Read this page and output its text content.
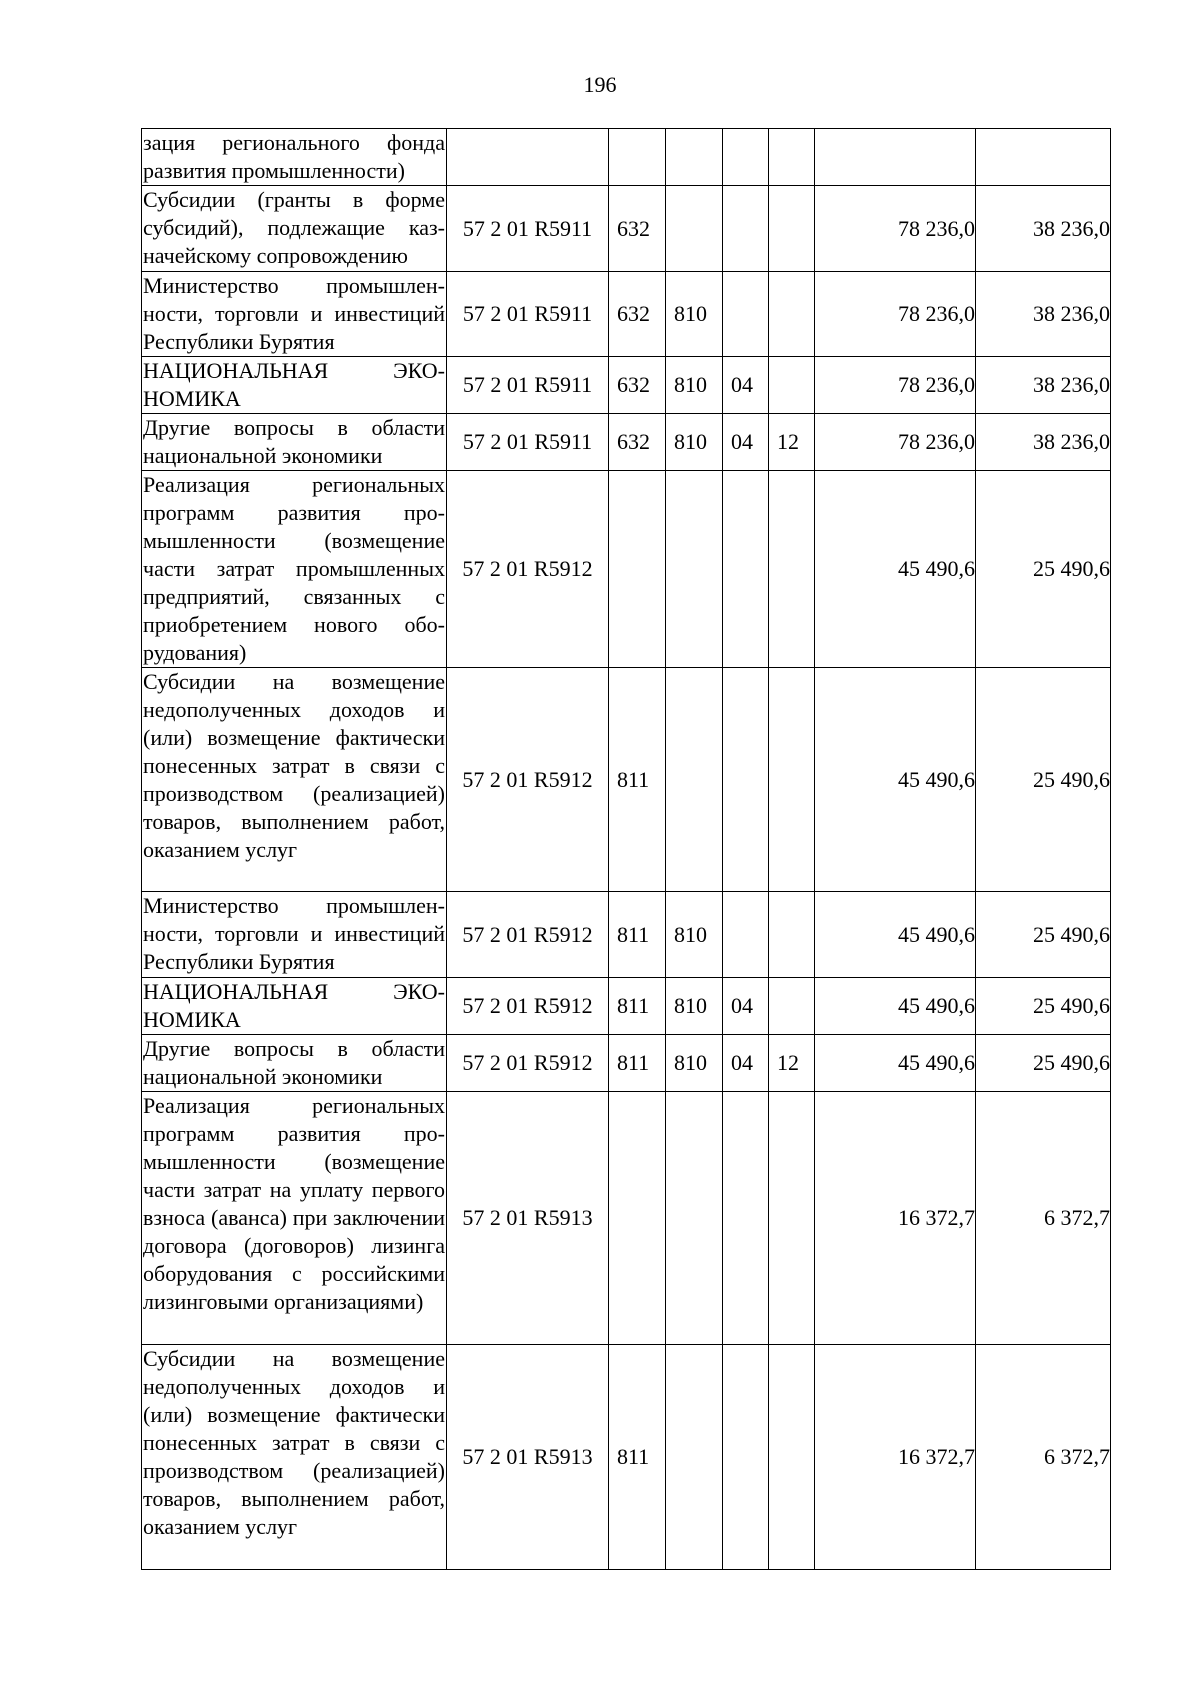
196
зация регионального фонда развития промышленности)							
Субсидии (гранты в форме субсидий), подлежащие казначейскому сопровождению	57 2 01 R5911	632				78 236,0	38 236,0
Министерство промышленности, торговли и инвестиций Республики Бурятия	57 2 01 R5911	632	810			78 236,0	38 236,0
НАЦИОНАЛЬНАЯ ЭКОНОМИКА	57 2 01 R5911	632	810	04		78 236,0	38 236,0
Другие вопросы в области национальной экономики	57 2 01 R5911	632	810	04	12	78 236,0	38 236,0
Реализация региональных программ развития промышленности (возмещение части затрат промышленных предприятий, связанных с приобретением нового оборудования)	57 2 01 R5912					45 490,6	25 490,6
Субсидии на возмещение недополученных доходов и (или) возмещение фактически понесенных затрат в связи с производством (реализацией) товаров, выполнением работ, оказанием услуг	57 2 01 R5912	811				45 490,6	25 490,6
Министерство промышленности, торговли и инвестиций Республики Бурятия	57 2 01 R5912	811	810			45 490,6	25 490,6
НАЦИОНАЛЬНАЯ ЭКОНОМИКА	57 2 01 R5912	811	810	04		45 490,6	25 490,6
Другие вопросы в области национальной экономики	57 2 01 R5912	811	810	04	12	45 490,6	25 490,6
Реализация региональных программ развития промышленности (возмещение части затрат на уплату первого взноса (аванса) при заключении договора (договоров) лизинга оборудования с российскими лизинговыми организациями)	57 2 01 R5913					16 372,7	6 372,7
Субсидии на возмещение недополученных доходов и (или) возмещение фактически понесенных затрат в связи с производством (реализацией) товаров, выполнением работ, оказанием услуг	57 2 01 R5913	811				16 372,7	6 372,7
